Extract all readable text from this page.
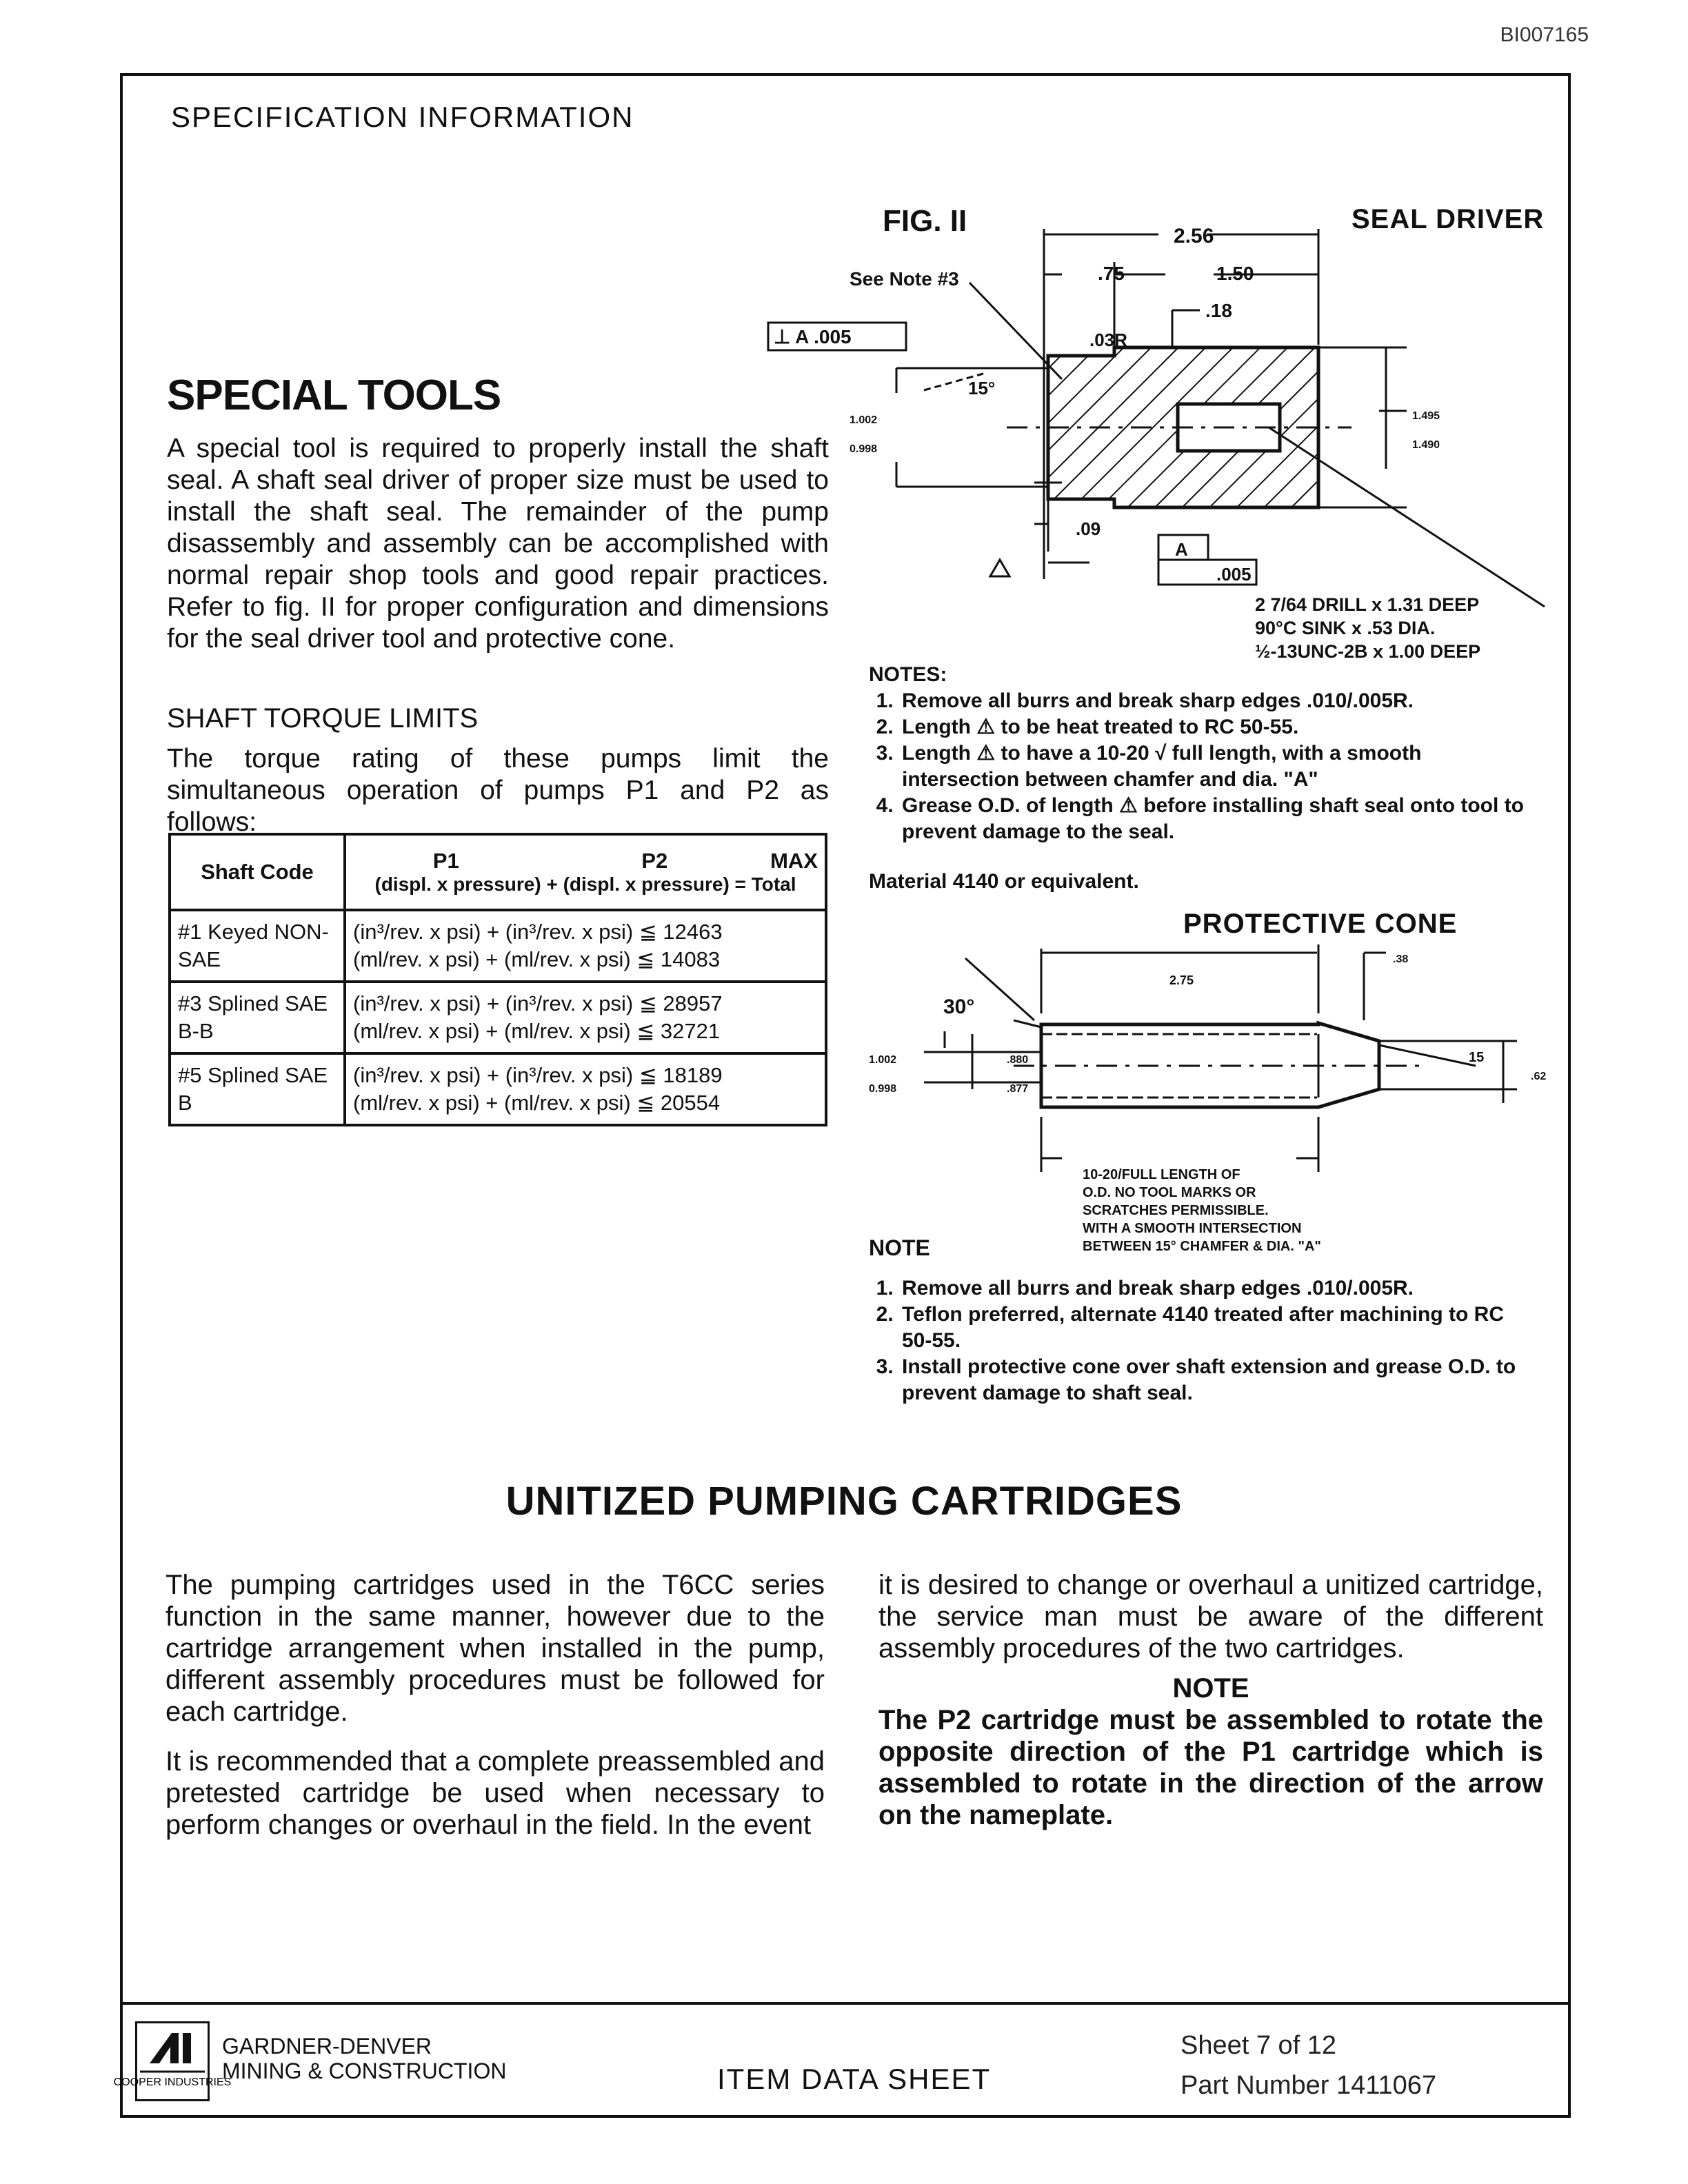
BI007165
SPECIFICATION INFORMATION
SPECIAL TOOLS
A special tool is required to properly install the shaft seal. A shaft seal driver of proper size must be used to install the shaft seal. The remainder of the pump disassembly and assembly can be accomplished with normal repair shop tools and good repair practices. Refer to fig. II for proper configuration and dimensions for the seal driver tool and protective cone.
SHAFT TORQUE LIMITS
The torque rating of these pumps limit the simultaneous operation of pumps P1 and P2 as follows:
Shaft Code	P1 P2 MAX
(displ. x pressure) + (displ. x pressure) = Total

#1 Keyed NON-SAE	(in³/rev. x psi) + (in³/rev. x psi) ≦ 12463
(ml/rev. x psi) + (ml/rev. x psi) ≦ 14083

#3 Splined SAE B-B	(in³/rev. x psi) + (in³/rev. x psi) ≦ 28957
(ml/rev. x psi) + (ml/rev. x psi) ≦ 32721

#5 Splined SAE B	(in³/rev. x psi) + (in³/rev. x psi) ≦ 18189
(ml/rev. x psi) + (ml/rev. x psi) ≦ 20554
FIG. II	SEAL DRIVER
2.56
.75	1.50
.18
.03R
15°
See Note #3
⊥ A .005
1.002
0.998
1.495
1.490
.09
A
.005
2 7/64 DRILL x 1.31 DEEP
90°C SINK x .53 DIA.
½-13UNC-2B x 1.00 DEEP
30°
2.75
.38
15
.62
1.002
0.998
.880
.877
10-20/FULL LENGTH OF
O.D. NO TOOL MARKS OR
SCRATCHES PERMISSIBLE.
WITH A SMOOTH INTERSECTION
BETWEEN 15° CHAMFER & DIA. "A"
NOTES:
1. Remove all burrs and break sharp edges .010/.005R.
2. Length ⚠ to be heat treated to RC 50-55.
3. Length ⚠ to have a 10-20 √ full length, with a smooth intersection between chamfer and dia. "A"
4. Grease O.D. of length ⚠ before installing shaft seal onto tool to prevent damage to the seal.
Material 4140 or equivalent.
PROTECTIVE CONE
NOTE
1. Remove all burrs and break sharp edges .010/.005R.
2. Teflon preferred, alternate 4140 treated after machining to RC 50-55.
3. Install protective cone over shaft extension and grease O.D. to prevent damage to shaft seal.
UNITIZED PUMPING CARTRIDGES

The pumping cartridges used in the T6CC series function in the same manner, however due to the cartridge arrangement when installed in the pump, different assembly procedures must be followed for each cartridge.

It is recommended that a complete preassembled and pretested cartridge be used when necessary to perform changes or overhaul in the field. In the event

it is desired to change or overhaul a unitized cartridge, the service man must be aware of the different assembly procedures of the two cartridges.

NOTE

The P2 cartridge must be assembled to rotate the opposite direction of the P1 cartridge which is assembled to rotate in the direction of the arrow on the nameplate.

COOPER INDUSTRIES
GARDNER-DENVER
MINING & CONSTRUCTION	ITEM DATA SHEET
Sheet 7 of 12
Part Number 1411067
